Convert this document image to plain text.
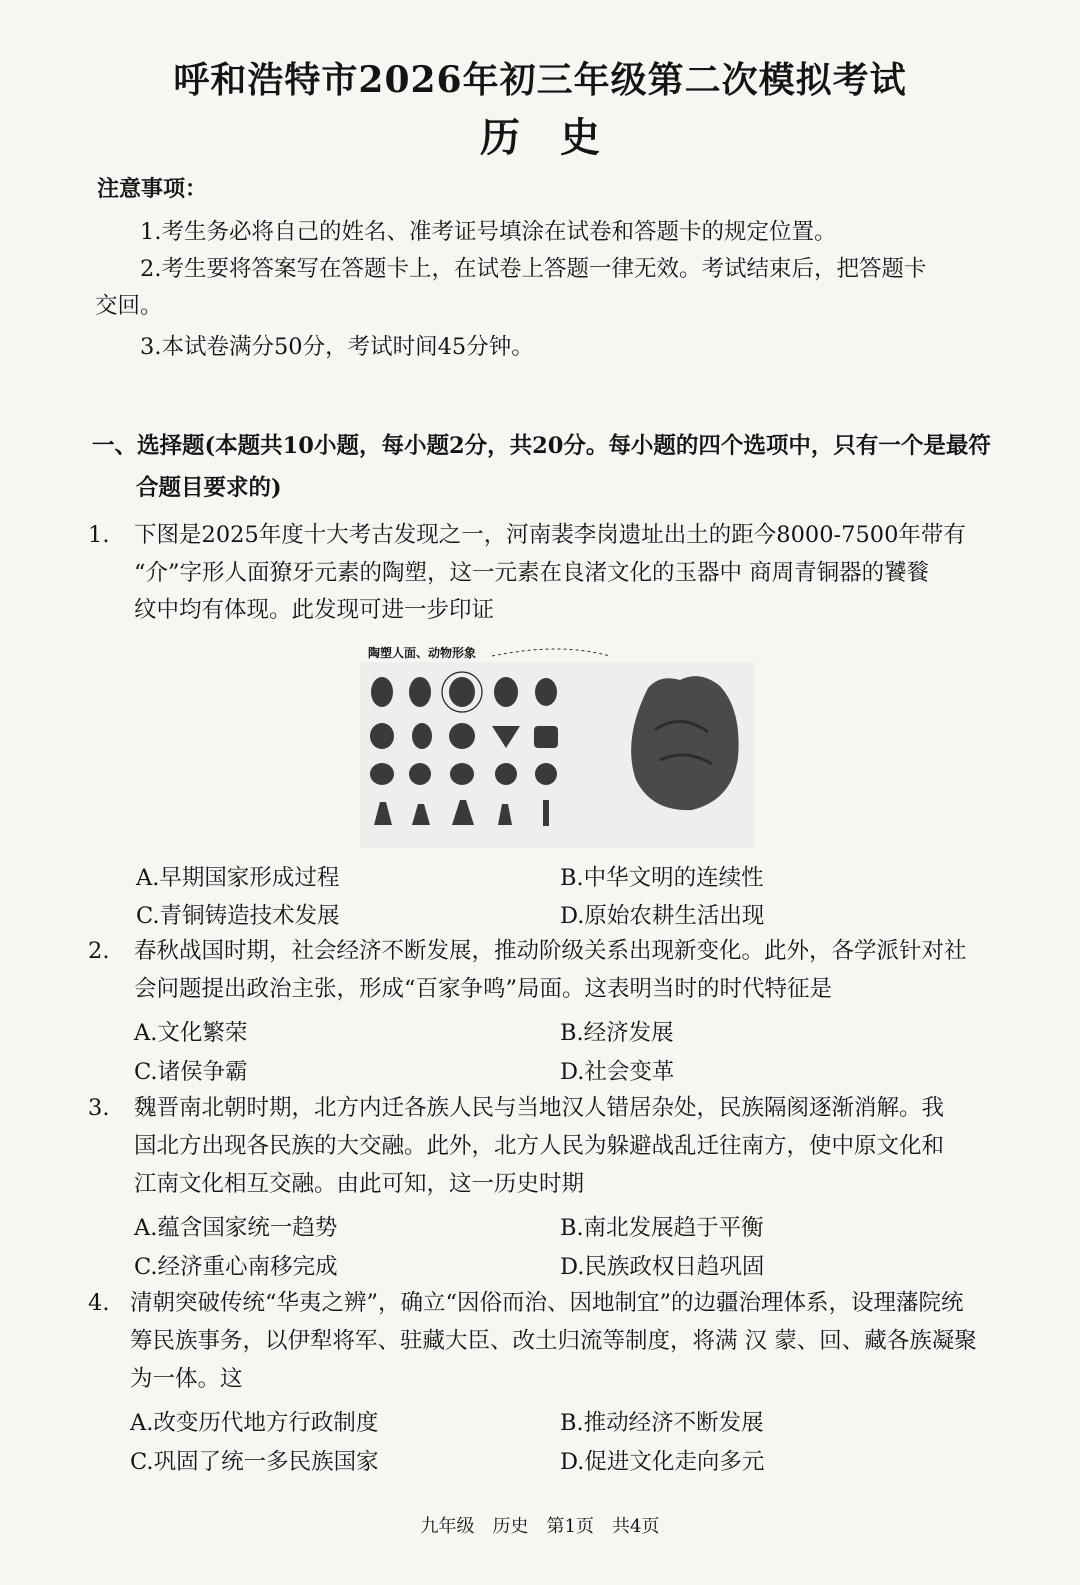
呼和浩特市2026年初三年级第二次模拟考试
历史
注意事项：
1.考生务必将自己的姓名、准考证号填涂在试卷和答题卡的规定位置。
2.考生要将答案写在答题卡上，在试卷上答题一律无效。考试结束后，把答题卡
交回。
3.本试卷满分50分，考试时间45分钟。
一、选择题(本题共10小题，每小题2分，共20分。每小题的四个选项中，只有一个是最符
合题目要求的)
1. 下图是2025年度十大考古发现之一，河南裴李岗遗址出土的距今8000-7500年带有
“介”字形人面獠牙元素的陶塑，这一元素在良渚文化的玉器中 商周青铜器的饕餮
纹中均有体现。此发现可进一步印证
陶塑人面、动物形象
A.早期国家形成过程	B.中华文明的连续性
C.青铜铸造技术发展	D.原始农耕生活出现
2. 春秋战国时期，社会经济不断发展，推动阶级关系出现新变化。此外，各学派针对社
会问题提出政治主张，形成“百家争鸣”局面。这表明当时的时代特征是
A.文化繁荣	B.经济发展
C.诸侯争霸	D.社会变革
3. 魏晋南北朝时期，北方内迁各族人民与当地汉人错居杂处，民族隔阂逐渐消解。我
国北方出现各民族的大交融。此外，北方人民为躲避战乱迁往南方，使中原文化和
江南文化相互交融。由此可知，这一历史时期
A.蕴含国家统一趋势	B.南北发展趋于平衡
C.经济重心南移完成	D.民族政权日趋巩固
4. 清朝突破传统“华夷之辨”，确立“因俗而治、因地制宜”的边疆治理体系，设理藩院统
筹民族事务，以伊犁将军、驻藏大臣、改土归流等制度，将满 汉 蒙、回、藏各族凝聚
为一体。这
A.改变历代地方行政制度	B.推动经济不断发展
C.巩固了统一多民族国家	D.促进文化走向多元
九年级　历史　第1页　共4页
